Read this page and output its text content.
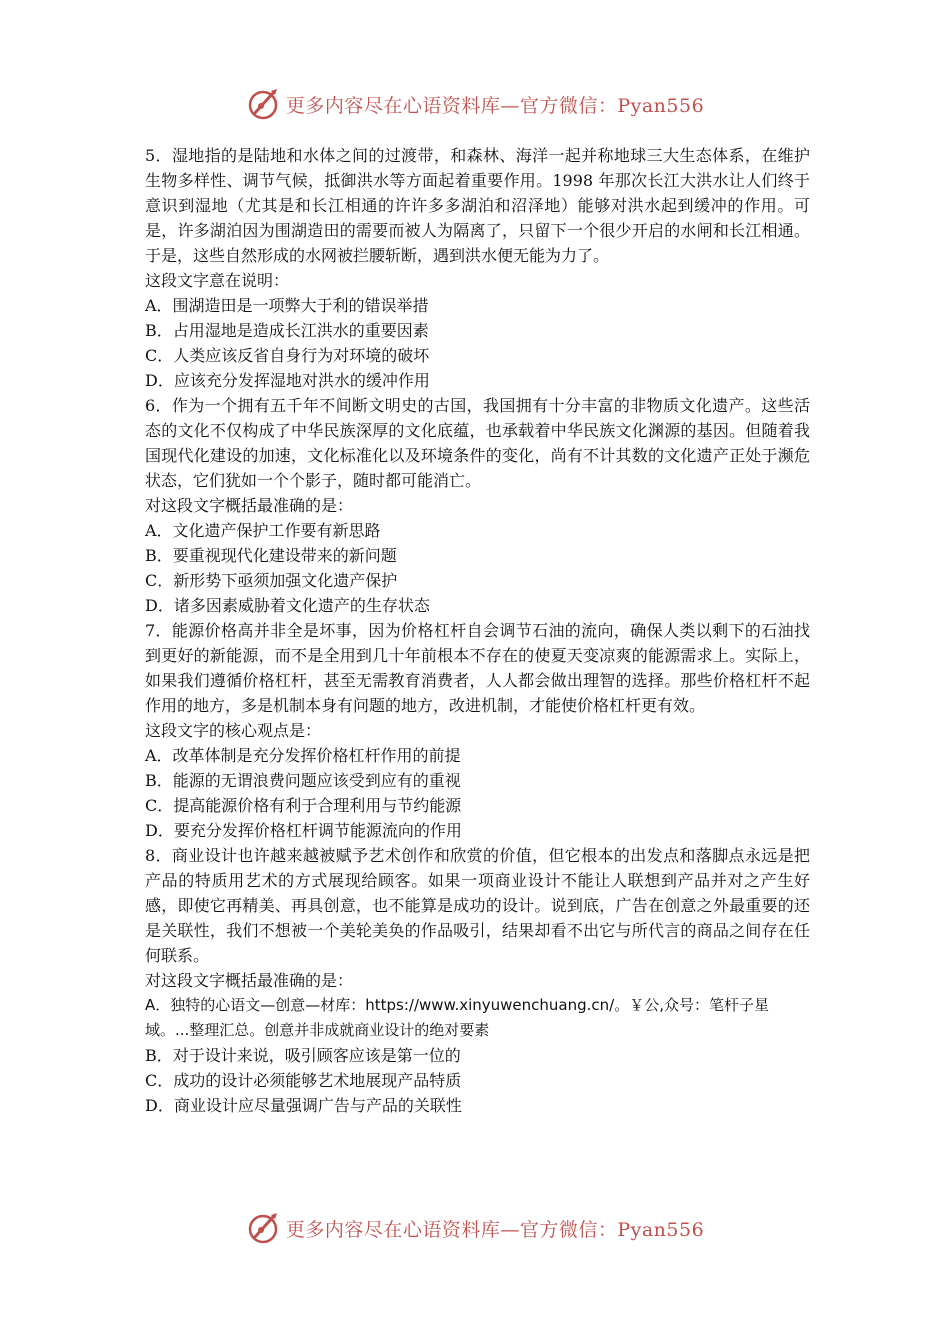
更多内容尽在心语资料库—官方微信：Pyan556

5．湿地指的是陆地和水体之间的过渡带，和森林、海洋一起并称地球三大生态体系，在维护生物多样性、调节气候，抵御洪水等方面起着重要作用。1998 年那次长江大洪水让人们终于意识到湿地（尤其是和长江相通的许许多多湖泊和沼泽地）能够对洪水起到缓冲的作用。可是，许多湖泊因为围湖造田的需要而被人为隔离了，只留下一个很少开启的水闸和长江相通。于是，这些自然形成的水网被拦腰斩断，遇到洪水便无能为力了。

这段文字意在说明：

A．围湖造田是一项弊大于利的错误举措

B．占用湿地是造成长江洪水的重要因素

C．人类应该反省自身行为对环境的破坏

D．应该充分发挥湿地对洪水的缓冲作用

6．作为一个拥有五千年不间断文明史的古国，我国拥有十分丰富的非物质文化遗产。这些活态的文化不仅构成了中华民族深厚的文化底蕴，也承载着中华民族文化渊源的基因。但随着我国现代化建设的加速，文化标准化以及环境条件的变化，尚有不计其数的文化遗产正处于濒危状态，它们犹如一个个影子，随时都可能消亡。

对这段文字概括最准确的是：

A．文化遗产保护工作要有新思路

B．要重视现代化建设带来的新问题

C．新形势下亟须加强文化遗产保护

D．诸多因素威胁着文化遗产的生存状态

7．能源价格高并非全是坏事，因为价格杠杆自会调节石油的流向，确保人类以剩下的石油找到更好的新能源，而不是全用到几十年前根本不存在的使夏天变凉爽的能源需求上。实际上，如果我们遵循价格杠杆，甚至无需教育消费者，人人都会做出理智的选择。那些价格杠杆不起作用的地方，多是机制本身有问题的地方，改进机制，才能使价格杠杆更有效。

这段文字的核心观点是：

A．改革体制是充分发挥价格杠杆作用的前提

B．能源的无谓浪费问题应该受到应有的重视

C．提高能源价格有利于合理利用与节约能源

D．要充分发挥价格杠杆调节能源流向的作用

8．商业设计也许越来越被赋予艺术创作和欣赏的价值，但它根本的出发点和落脚点永远是把产品的特质用艺术的方式展现给顾客。如果一项商业设计不能让人联想到产品并对之产生好感，即使它再精美、再具创意，也不能算是成功的设计。说到底，广告在创意之外最重要的还是关联性，我们不想被一个美轮美奂的作品吸引，结果却看不出它与所代言的商品之间存在任何联系。

对这段文字概括最准确的是：

A．独特的心语文—创意—材库：https://www.xinyuwenchuang.cn/。￥公,众号：笔杆子星域。...整理汇总。创意并非成就商业设计的绝对要素

B．对于设计来说，吸引顾客应该是第一位的

C．成功的设计必须能够艺术地展现产品特质

D．商业设计应尽量强调广告与产品的关联性

更多内容尽在心语资料库—官方微信：Pyan556
